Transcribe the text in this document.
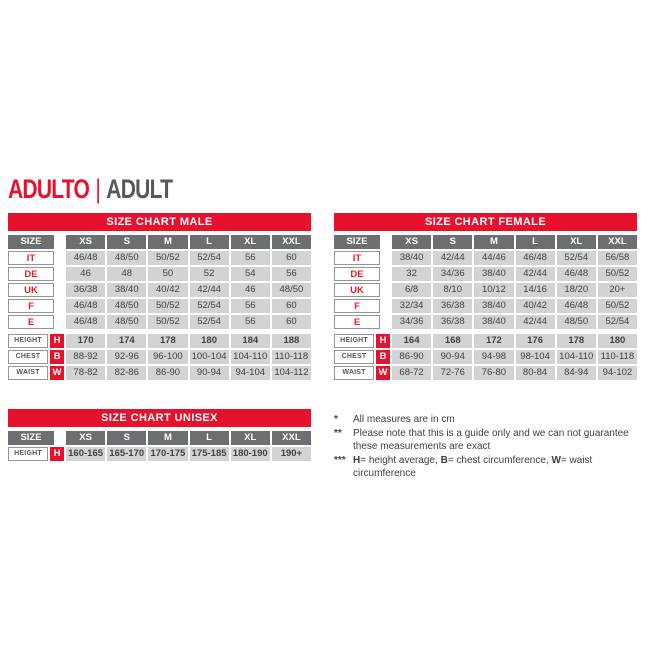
ADULTO | ADULT
SIZE CHART MALE
SIZE	XS	S	M	L	XL	XXL
IT	46/48	48/50	50/52	52/54	56	60
DE	46	48	50	52	54	56
UK	36/38	38/40	40/42	42/44	46	48/50
F	46/48	48/50	50/52	52/54	56	60
E	46/48	48/50	50/52	52/54	56	60
HEIGHT	H	170	174	178	180	184	188
CHEST	B	88-92	92-96	96-100 100-104 104-110 110-118
WAIST	W	78-82	82-86	86-90	90-94	94-104 104-112
SIZE CHART FEMALE
SIZE	XS	S	M	L	XL	XXL
IT	38/40	42/44	44/46	46/48	52/54	56/58
DE	32	34/36	38/40	42/44	46/48	50/52
UK	6/8	8/10	10/12	14/16	18/20	20+
F	32/34	36/38	38/40	40/42	46/48	50/52
E	34/36	36/38	38/40	42/44	48/50	52/54
HEIGHT	H	164	168	172	176	178	180
CHEST	B	86-90	90-94	94-98	98-104 104-110 110-118
WAIST	W	68-72	72-76	76-80	80-84	84-94	94-102
SIZE CHART UNISEX
SIZE	XS	S	M	L	XL	XXL
HEIGHT	H 160-165 165-170 170-175 175-185 180-190	190+
*	All measures are in cm
**	Please note that this is a guide only and we can not guarantee these measurements are exact
*** H= height average, B= chest circumference, W= waist circumference
